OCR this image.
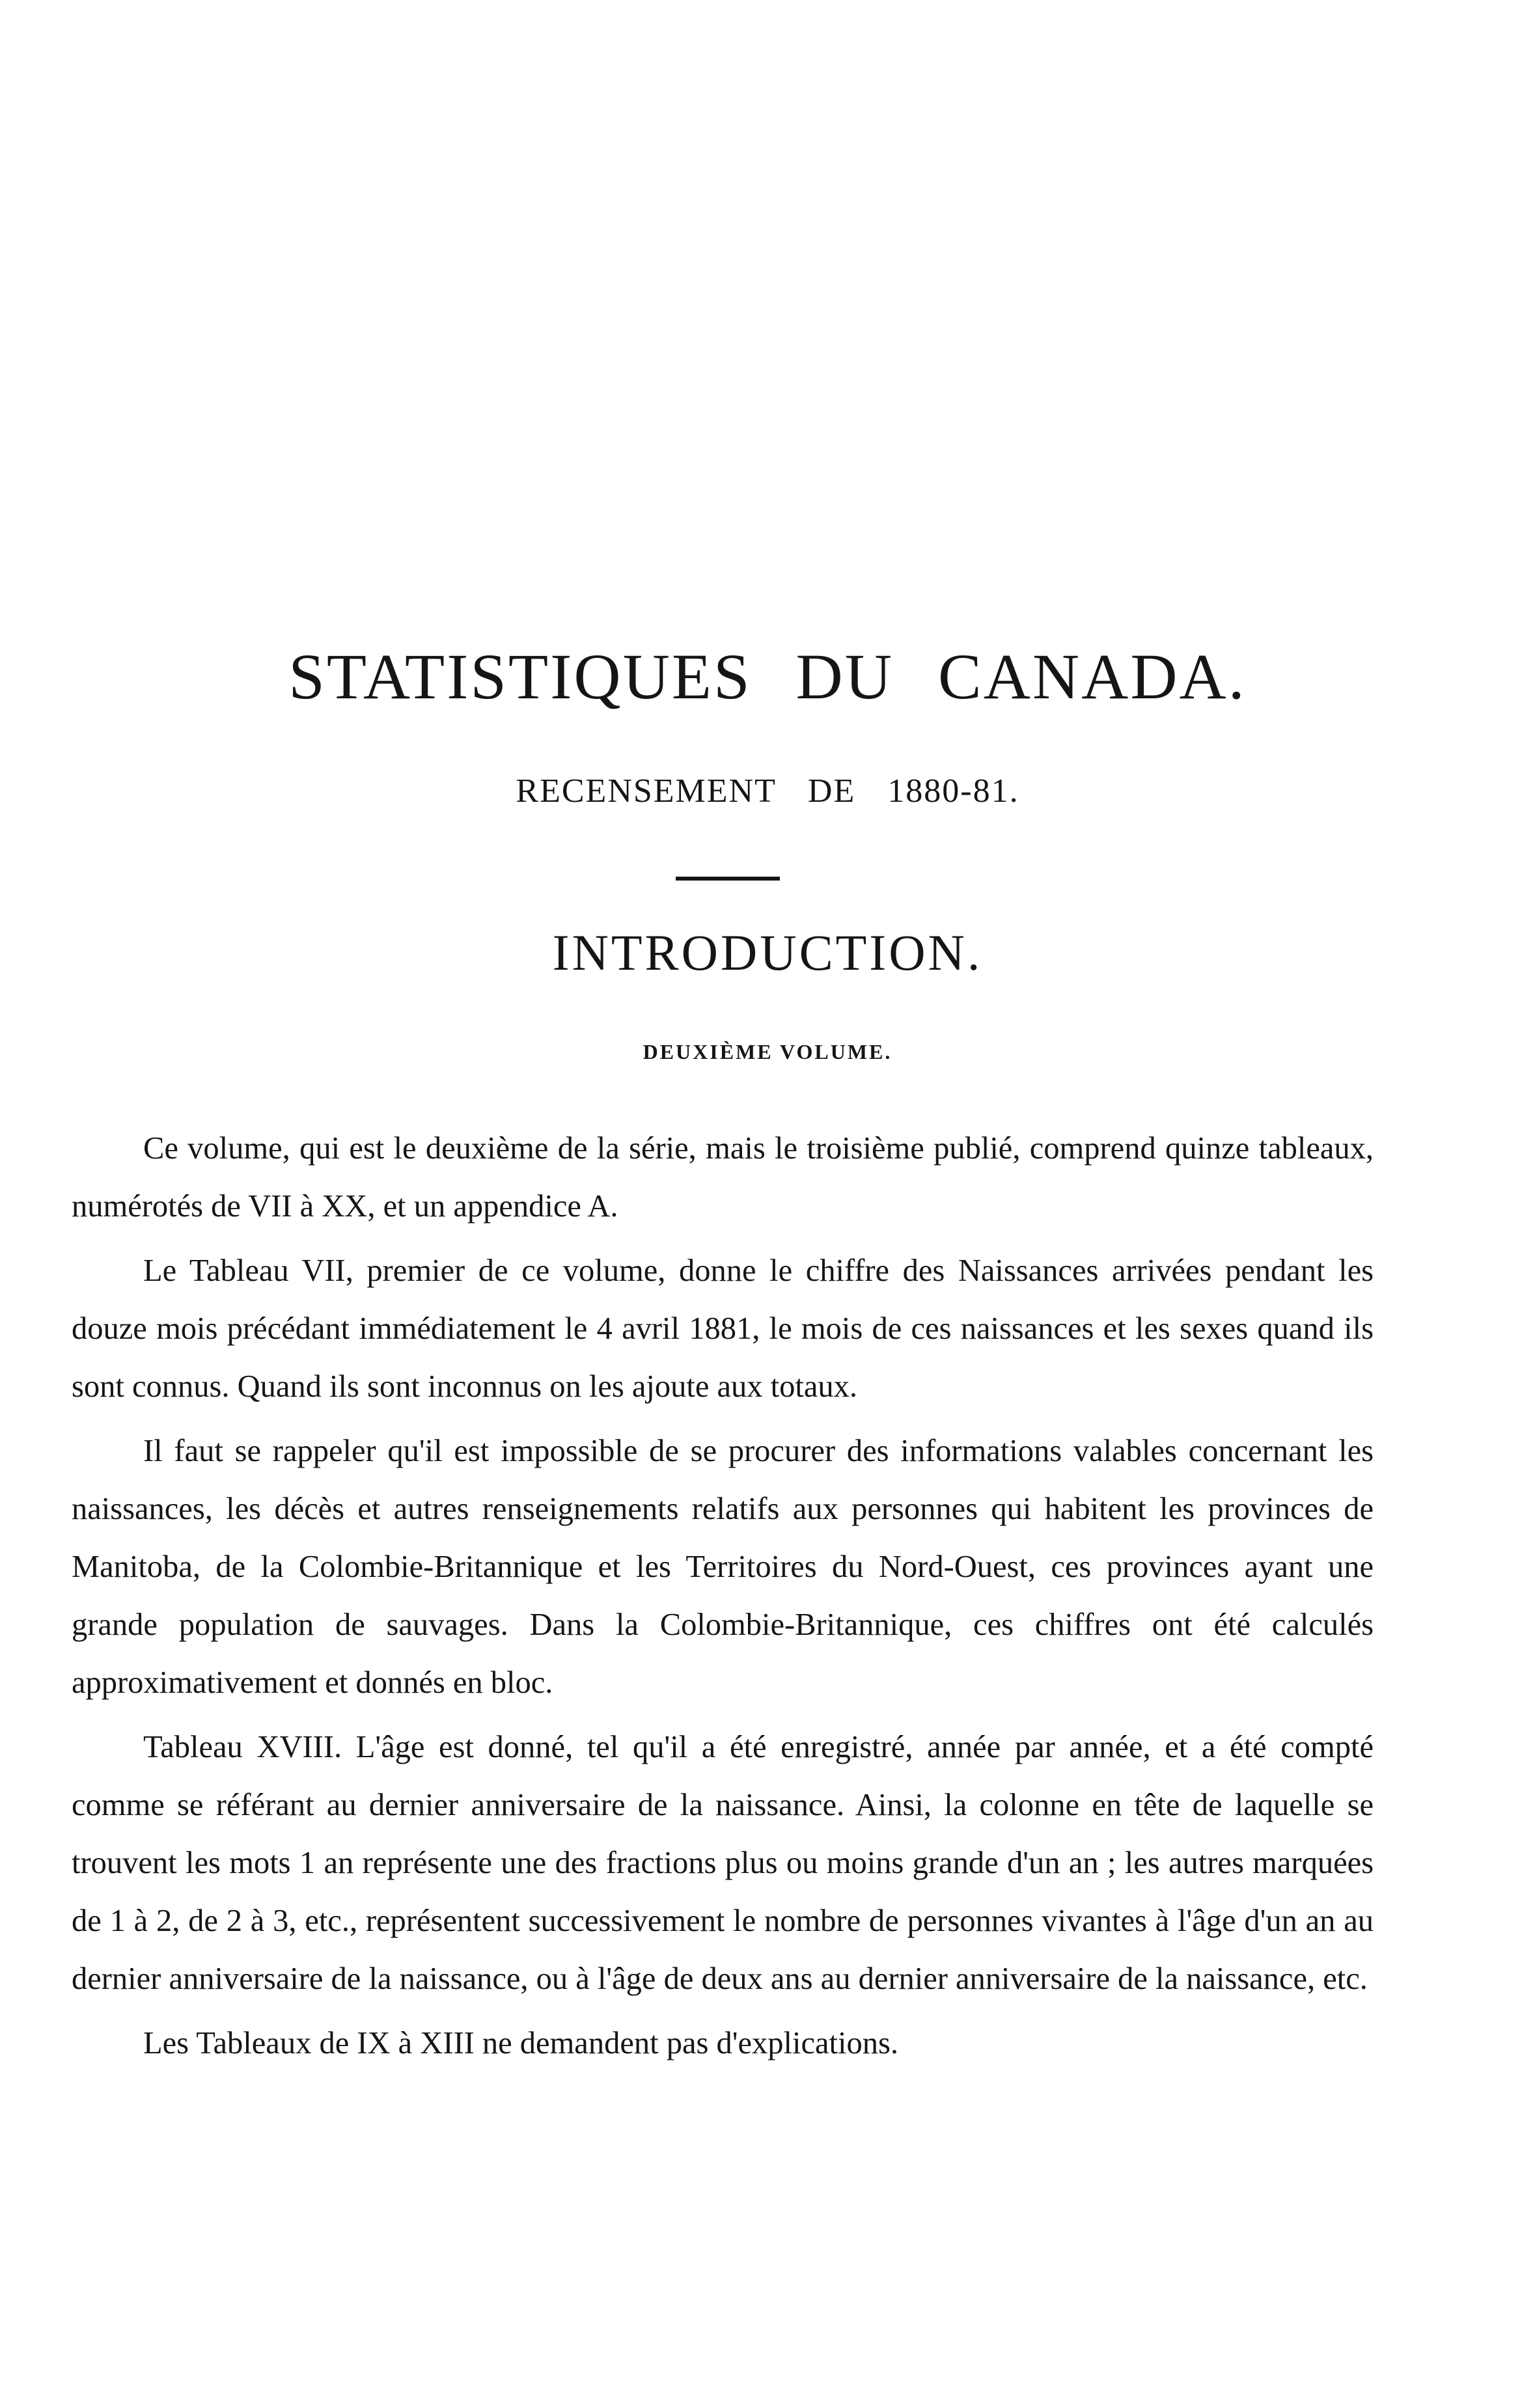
STATISTIQUES DU CANADA.
RECENSEMENT DE 1880-81.
INTRODUCTION.
DEUXIÈME VOLUME.

Ce volume, qui est le deuxième de la série, mais le troisième publié, comprend quinze tableaux, numérotés de VII à XX, et un appendice A.

Le Tableau VII, premier de ce volume, donne le chiffre des Naissances arrivées pendant les douze mois précédant immédiatement le 4 avril 1881, le mois de ces naissances et les sexes quand ils sont connus. Quand ils sont inconnus on les ajoute aux totaux.

Il faut se rappeler qu'il est impossible de se procurer des informations valables concernant les naissances, les décès et autres renseignements relatifs aux personnes qui habitent les provinces de Manitoba, de la Colombie-Britannique et les Territoires du Nord-Ouest, ces provinces ayant une grande population de sauvages. Dans la Colombie-Britannique, ces chiffres ont été calculés approximativement et donnés en bloc.

Tableau XVIII. L'âge est donné, tel qu'il a été enregistré, année par année, et a été compté comme se référant au dernier anniversaire de la naissance. Ainsi, la colonne en tête de laquelle se trouvent les mots 1 an représente une des fractions plus ou moins grande d'un an ; les autres marquées de 1 à 2, de 2 à 3, etc., représentent successivement le nombre de personnes vivantes à l'âge d'un an au dernier anniversaire de la naissance, ou à l'âge de deux ans au dernier anniversaire de la naissance, etc.

Les Tableaux de IX à XIII ne demandent pas d'explications.
